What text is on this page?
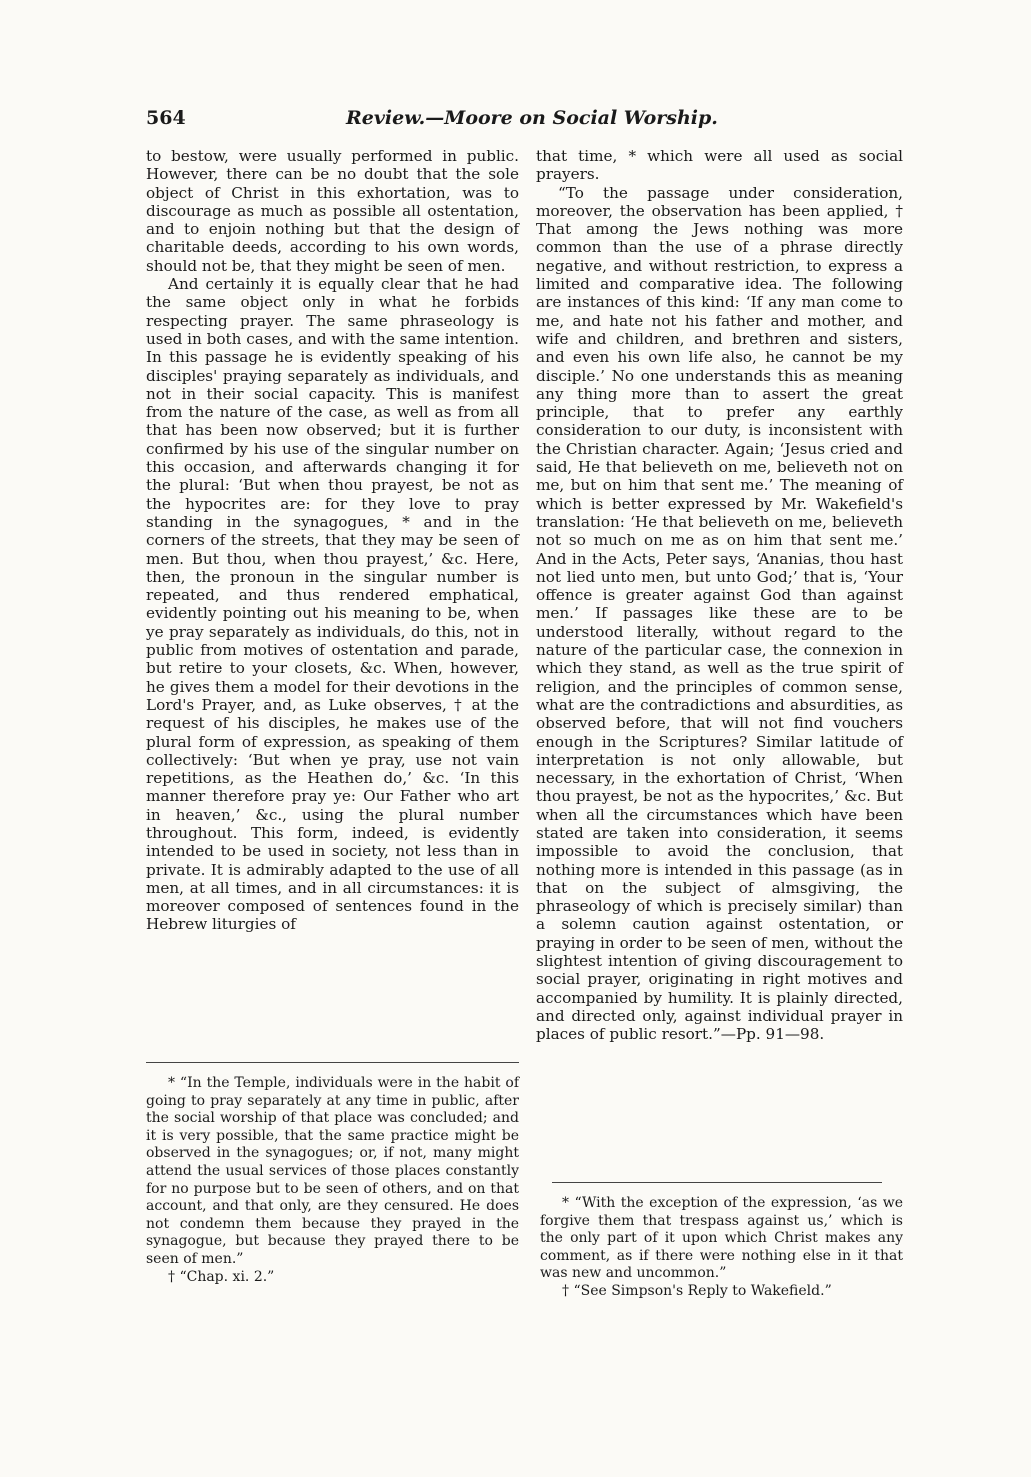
564	Review.—Moore on Social Worship.

to bestow, were usually performed in public. However, there can be no doubt that the sole object of Christ in this exhortation, was to discourage as much as possible all ostentation, and to enjoin nothing but that the design of charitable deeds, according to his own words, should not be, that they might be seen of men.

And certainly it is equally clear that he had the same object only in what he forbids respecting prayer. The same phraseology is used in both cases, and with the same intention. In this passage he is evidently speaking of his disciples' praying separately as individuals, and not in their social capacity. This is manifest from the nature of the case, as well as from all that has been now observed; but it is further confirmed by his use of the singular number on this occasion, and afterwards changing it for the plural: ‘But when thou prayest, be not as the hypocrites are: for they love to pray standing in the synagogues, * and in the corners of the streets, that they may be seen of men. But thou, when thou prayest,’ &c. Here, then, the pronoun in the singular number is repeated, and thus rendered emphatical, evidently pointing out his meaning to be, when ye pray separately as individuals, do this, not in public from motives of ostentation and parade, but retire to your closets, &c. When, however, he gives them a model for their devotions in the Lord's Prayer, and, as Luke observes, † at the request of his disciples, he makes use of the plural form of expression, as speaking of them collectively: ‘But when ye pray, use not vain repetitions, as the Heathen do,’ &c. ‘In this manner therefore pray ye: Our Father who art in heaven,’ &c., using the plural number throughout. This form, indeed, is evidently intended to be used in society, not less than in private. It is admirably adapted to the use of all men, at all times, and in all circumstances: it is moreover composed of sentences found in the Hebrew liturgies of

that time, * which were all used as social prayers.

“To the passage under consideration, moreover, the observation has been applied, † That among the Jews nothing was more common than the use of a phrase directly negative, and without restriction, to express a limited and comparative idea. The following are instances of this kind: ‘If any man come to me, and hate not his father and mother, and wife and children, and brethren and sisters, and even his own life also, he cannot be my disciple.’ No one understands this as meaning any thing more than to assert the great principle, that to prefer any earthly consideration to our duty, is inconsistent with the Christian character. Again; ‘Jesus cried and said, He that believeth on me, believeth not on me, but on him that sent me.’ The meaning of which is better expressed by Mr. Wakefield's translation: ‘He that believeth on me, believeth not so much on me as on him that sent me.’ And in the Acts, Peter says, ‘Ananias, thou hast not lied unto men, but unto God;’ that is, ‘Your offence is greater against God than against men.’ If passages like these are to be understood literally, without regard to the nature of the particular case, the connexion in which they stand, as well as the true spirit of religion, and the principles of common sense, what are the contradictions and absurdities, as observed before, that will not find vouchers enough in the Scriptures? Similar latitude of interpretation is not only allowable, but necessary, in the exhortation of Christ, ‘When thou prayest, be not as the hypocrites,’ &c. But when all the circumstances which have been stated are taken into consideration, it seems impossible to avoid the conclusion, that nothing more is intended in this passage (as in that on the subject of almsgiving, the phraseology of which is precisely similar) than a solemn caution against ostentation, or praying in order to be seen of men, without the slightest intention of giving discouragement to social prayer, originating in right motives and accompanied by humility. It is plainly directed, and directed only, against individual prayer in places of public resort.”—Pp. 91—98.

* “In the Temple, individuals were in the habit of going to pray separately at any time in public, after the social worship of that place was concluded; and it is very possible, that the same practice might be observed in the synagogues; or, if not, many might attend the usual services of those places constantly for no purpose but to be seen of others, and on that account, and that only, are they censured. He does not condemn them because they prayed in the synagogue, but because they prayed there to be seen of men.”

† “Chap. xi. 2.”

* “With the exception of the expression, ‘as we forgive them that trespass against us,’ which is the only part of it upon which Christ makes any comment, as if there were nothing else in it that was new and uncommon.”

† “See Simpson's Reply to Wakefield.”
